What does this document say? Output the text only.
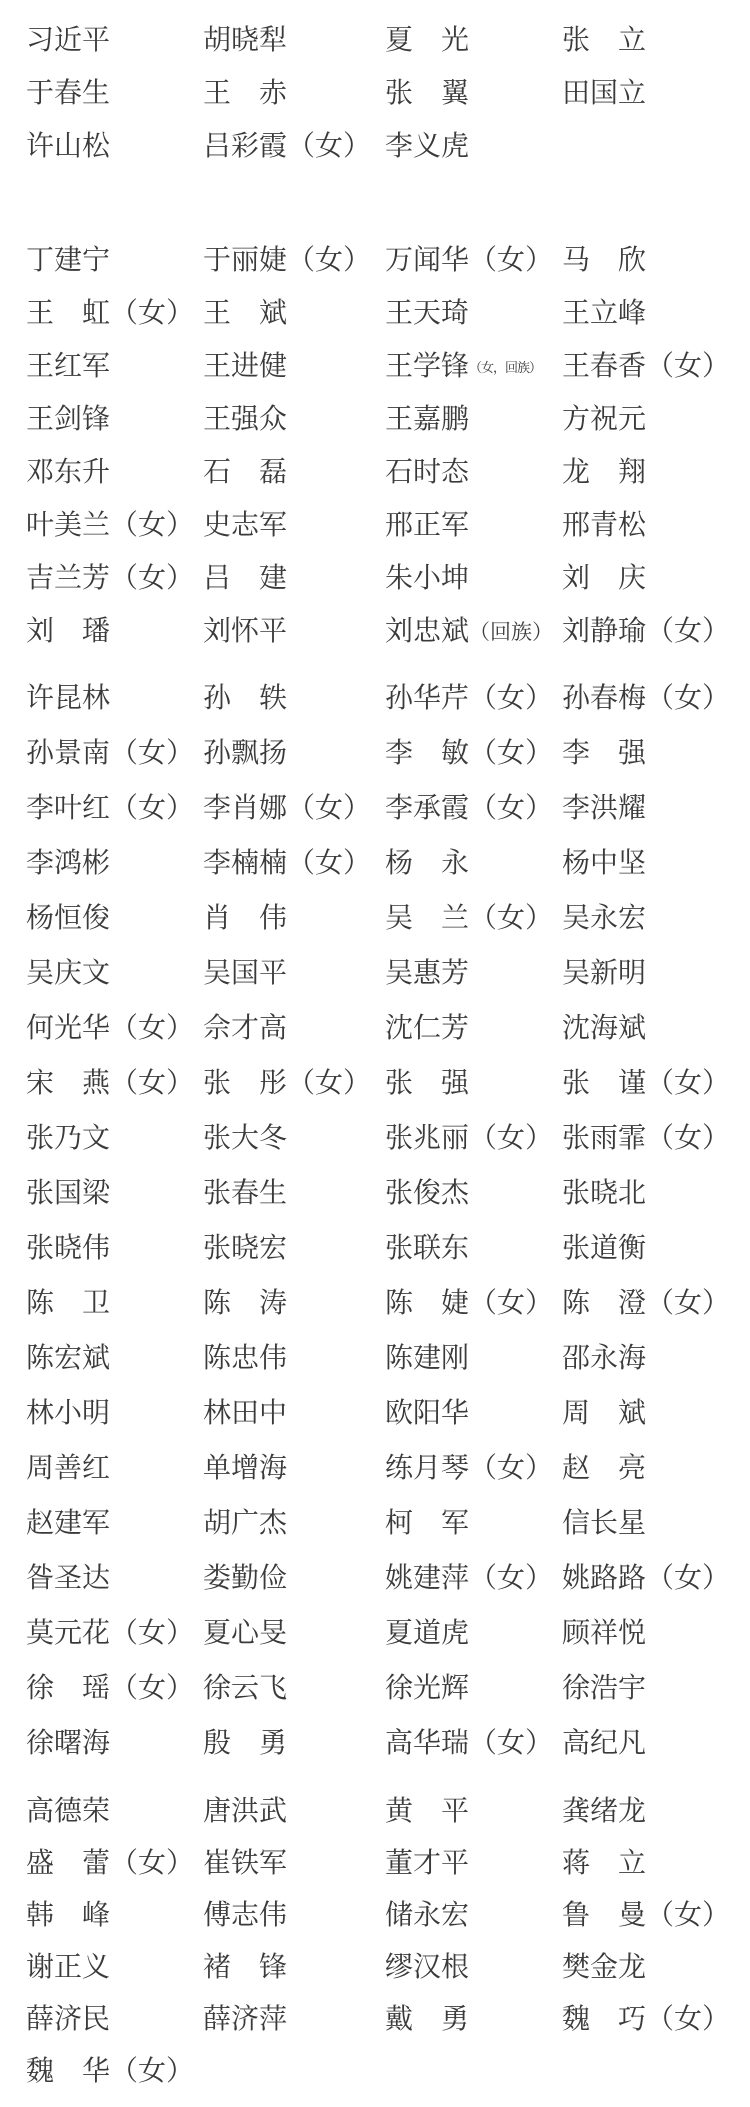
习近平	胡晓犁	夏　光	张　立
于春生	王　赤	张　翼	田国立
许山松	吕彩霞（女） 李义虎
丁建宁	于丽婕（女） 万闻华（女） 马　欣
王　虹（女） 王　斌	王天琦	王立峰
王红军	王进健	王学锋（女，回族） 王春香（女）
王剑锋	王强众	王嘉鹏	方祝元
邓东升	石　磊	石时态	龙　翔
叶美兰（女） 史志军	邢正军	邢青松
吉兰芳（女） 吕　建	朱小坤	刘　庆
刘　璠	刘怀平	刘忠斌（回族） 刘静瑜（女）
许昆林	孙　轶	孙华芹（女） 孙春梅（女）
孙景南（女） 孙飘扬	李　敏（女） 李　强
李叶红（女） 李肖娜（女） 李承霞（女） 李洪耀
李鸿彬	李楠楠（女） 杨　永	杨中坚
杨恒俊	肖　伟	吴　兰（女） 吴永宏
吴庆文	吴国平	吴惠芳	吴新明
何光华（女） 佘才高	沈仁芳	沈海斌
宋　燕（女） 张　彤（女） 张　强	张　谨（女）
张乃文	张大冬	张兆丽（女） 张雨霏（女）
张国梁	张春生	张俊杰	张晓北
张晓伟	张晓宏	张联东	张道衡
陈　卫	陈　涛	陈　婕（女） 陈　澄（女）
陈宏斌	陈忠伟	陈建刚	邵永海
林小明	林田中	欧阳华	周　斌
周善红	单增海	练月琴（女） 赵　亮
赵建军	胡广杰	柯　军	信长星
昝圣达	娄勤俭	姚建萍（女） 姚路路（女）
莫元花（女） 夏心旻	夏道虎	顾祥悦
徐　瑶（女） 徐云飞	徐光辉	徐浩宇
徐曙海	殷　勇	高华瑞（女） 高纪凡
高德荣	唐洪武	黄　平	龚绪龙
盛　蕾（女） 崔铁军	董才平	蒋　立
韩　峰	傅志伟	储永宏	鲁　曼（女）
谢正义	褚　锋	缪汉根	樊金龙
薛济民	薛济萍	戴　勇	魏　巧（女）
魏　华（女）
